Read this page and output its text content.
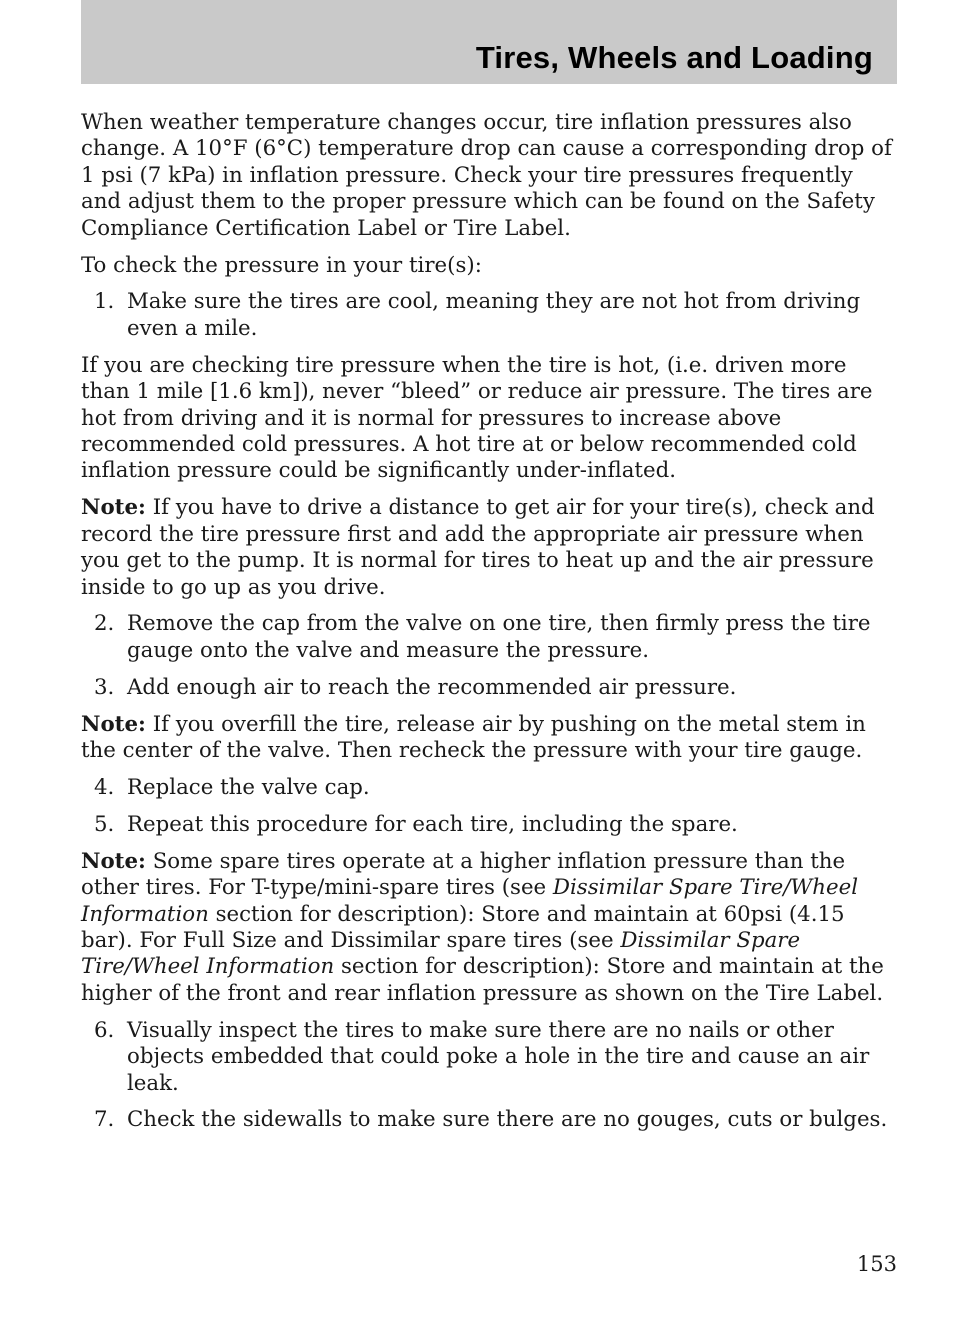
Tires, Wheels and Loading

When weather temperature changes occur, tire inflation pressures also change. A 10°F (6°C) temperature drop can cause a corresponding drop of 1 psi (7 kPa) in inflation pressure. Check your tire pressures frequently and adjust them to the proper pressure which can be found on the Safety Compliance Certification Label or Tire Label.

To check the pressure in your tire(s):

1. Make sure the tires are cool, meaning they are not hot from driving even a mile.

If you are checking tire pressure when the tire is hot, (i.e. driven more than 1 mile [1.6 km]), never “bleed” or reduce air pressure. The tires are hot from driving and it is normal for pressures to increase above recommended cold pressures. A hot tire at or below recommended cold inflation pressure could be significantly under-inflated.

Note: If you have to drive a distance to get air for your tire(s), check and record the tire pressure first and add the appropriate air pressure when you get to the pump. It is normal for tires to heat up and the air pressure inside to go up as you drive.

2. Remove the cap from the valve on one tire, then firmly press the tire gauge onto the valve and measure the pressure.
3. Add enough air to reach the recommended air pressure.

Note: If you overfill the tire, release air by pushing on the metal stem in the center of the valve. Then recheck the pressure with your tire gauge.

4. Replace the valve cap.
5. Repeat this procedure for each tire, including the spare.

Note: Some spare tires operate at a higher inflation pressure than the other tires. For T-type/mini-spare tires (see Dissimilar Spare Tire/Wheel Information section for description): Store and maintain at 60psi (4.15 bar). For Full Size and Dissimilar spare tires (see Dissimilar Spare Tire/Wheel Information section for description): Store and maintain at the higher of the front and rear inflation pressure as shown on the Tire Label.

6. Visually inspect the tires to make sure there are no nails or other objects embedded that could poke a hole in the tire and cause an air leak.
7. Check the sidewalls to make sure there are no gouges, cuts or bulges.
153
